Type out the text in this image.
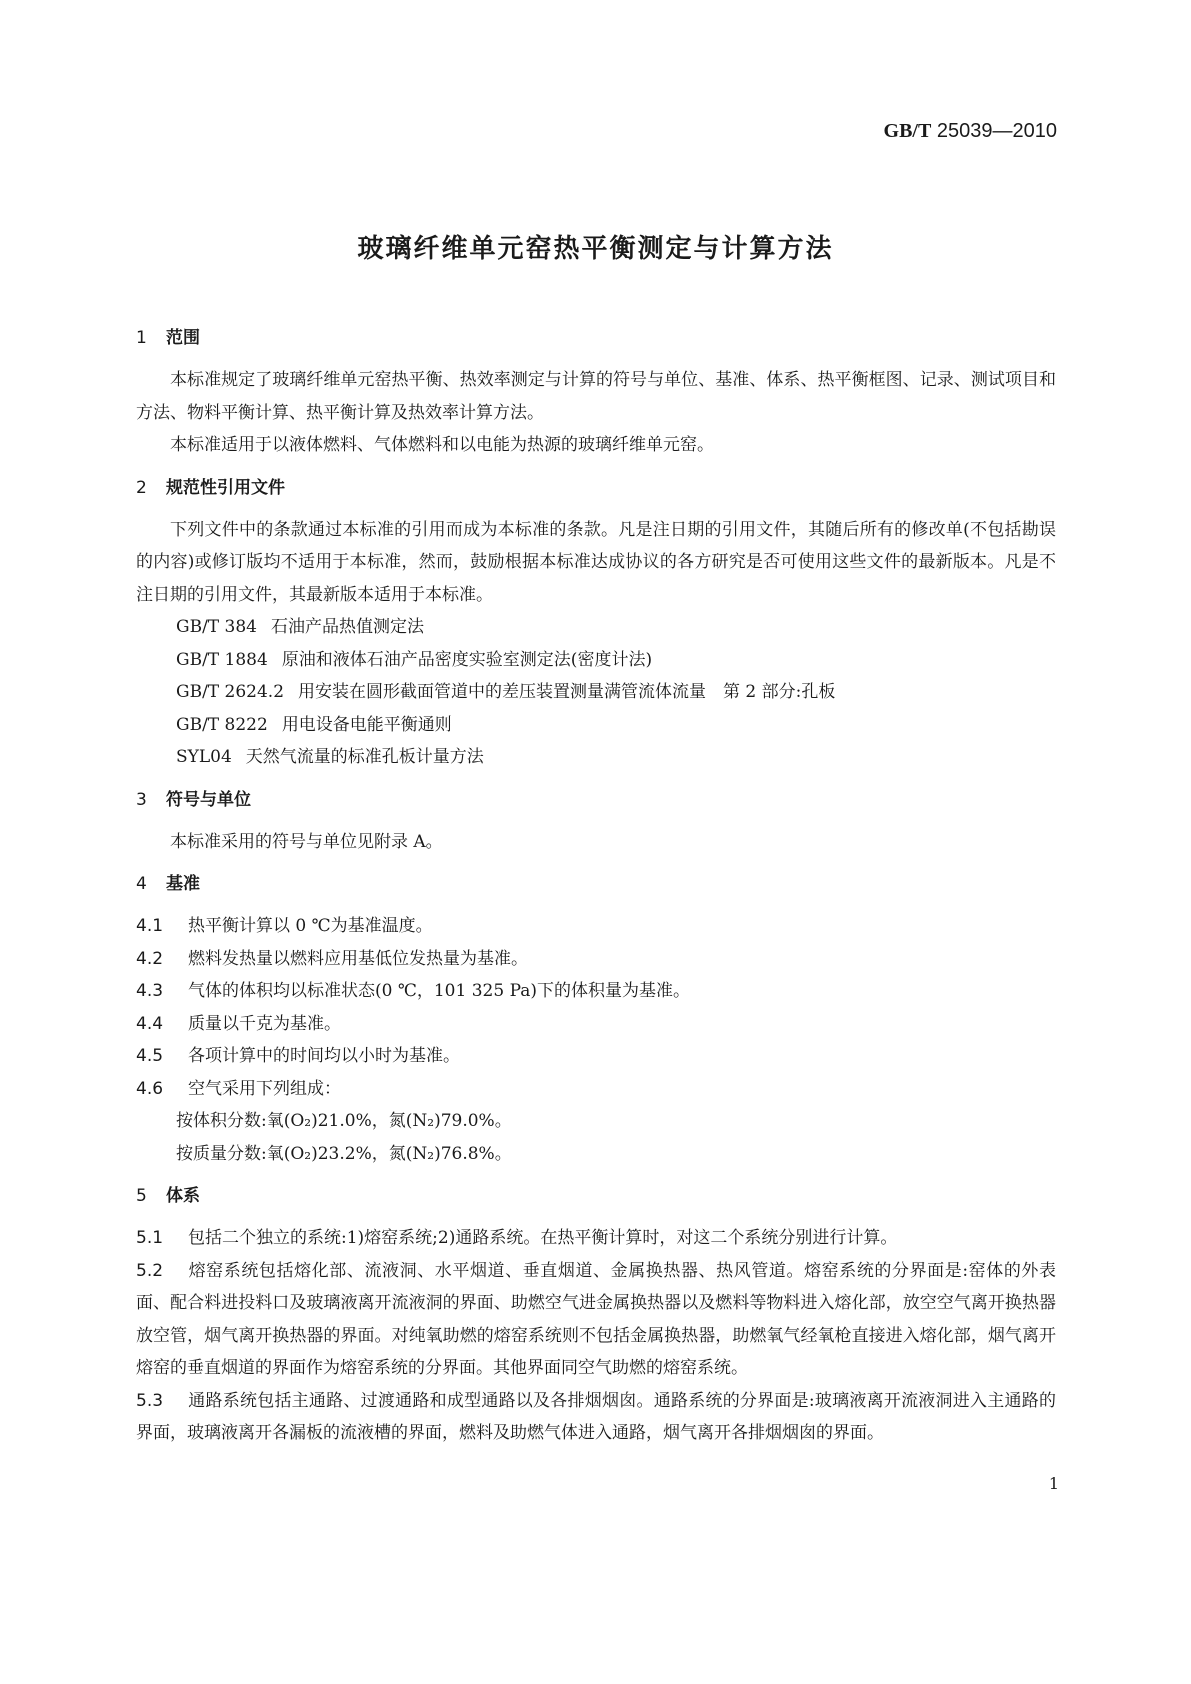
GB/T 25039—2010
玻璃纤维单元窑热平衡测定与计算方法
1 范围

本标准规定了玻璃纤维单元窑热平衡、热效率测定与计算的符号与单位、基准、体系、热平衡框图、记录、测试项目和方法、物料平衡计算、热平衡计算及热效率计算方法。

本标准适用于以液体燃料、气体燃料和以电能为热源的玻璃纤维单元窑。

2 规范性引用文件

下列文件中的条款通过本标准的引用而成为本标准的条款。凡是注日期的引用文件，其随后所有的修改单(不包括勘误的内容)或修订版均不适用于本标准，然而，鼓励根据本标准达成协议的各方研究是否可使用这些文件的最新版本。凡是不注日期的引用文件，其最新版本适用于本标准。

GB/T 384 石油产品热值测定法

GB/T 1884 原油和液体石油产品密度实验室测定法(密度计法)

GB/T 2624.2 用安装在圆形截面管道中的差压装置测量满管流体流量　第 2 部分:孔板

GB/T 8222 用电设备电能平衡通则

SYL04 天然气流量的标准孔板计量方法

3 符号与单位

本标准采用的符号与单位见附录 A。

4 基准

4.1 热平衡计算以 0 ℃为基准温度。

4.2 燃料发热量以燃料应用基低位发热量为基准。

4.3 气体的体积均以标准状态(0 ℃，101 325 Pa)下的体积量为基准。

4.4 质量以千克为基准。

4.5 各项计算中的时间均以小时为基准。

4.6 空气采用下列组成：

按体积分数:氧(O₂)21.0%，氮(N₂)79.0%。

按质量分数:氧(O₂)23.2%，氮(N₂)76.8%。

5 体系

5.1 包括二个独立的系统:1)熔窑系统;2)通路系统。在热平衡计算时，对这二个系统分别进行计算。

5.2 熔窑系统包括熔化部、流液洞、水平烟道、垂直烟道、金属换热器、热风管道。熔窑系统的分界面是:窑体的外表面、配合料进投料口及玻璃液离开流液洞的界面、助燃空气进金属换热器以及燃料等物料进入熔化部，放空空气离开换热器放空管，烟气离开换热器的界面。对纯氧助燃的熔窑系统则不包括金属换热器，助燃氧气经氧枪直接进入熔化部，烟气离开熔窑的垂直烟道的界面作为熔窑系统的分界面。其他界面同空气助燃的熔窑系统。

5.3 通路系统包括主通路、过渡通路和成型通路以及各排烟烟囱。通路系统的分界面是:玻璃液离开流液洞进入主通路的界面，玻璃液离开各漏板的流液槽的界面，燃料及助燃气体进入通路，烟气离开各排烟烟囱的界面。

1
